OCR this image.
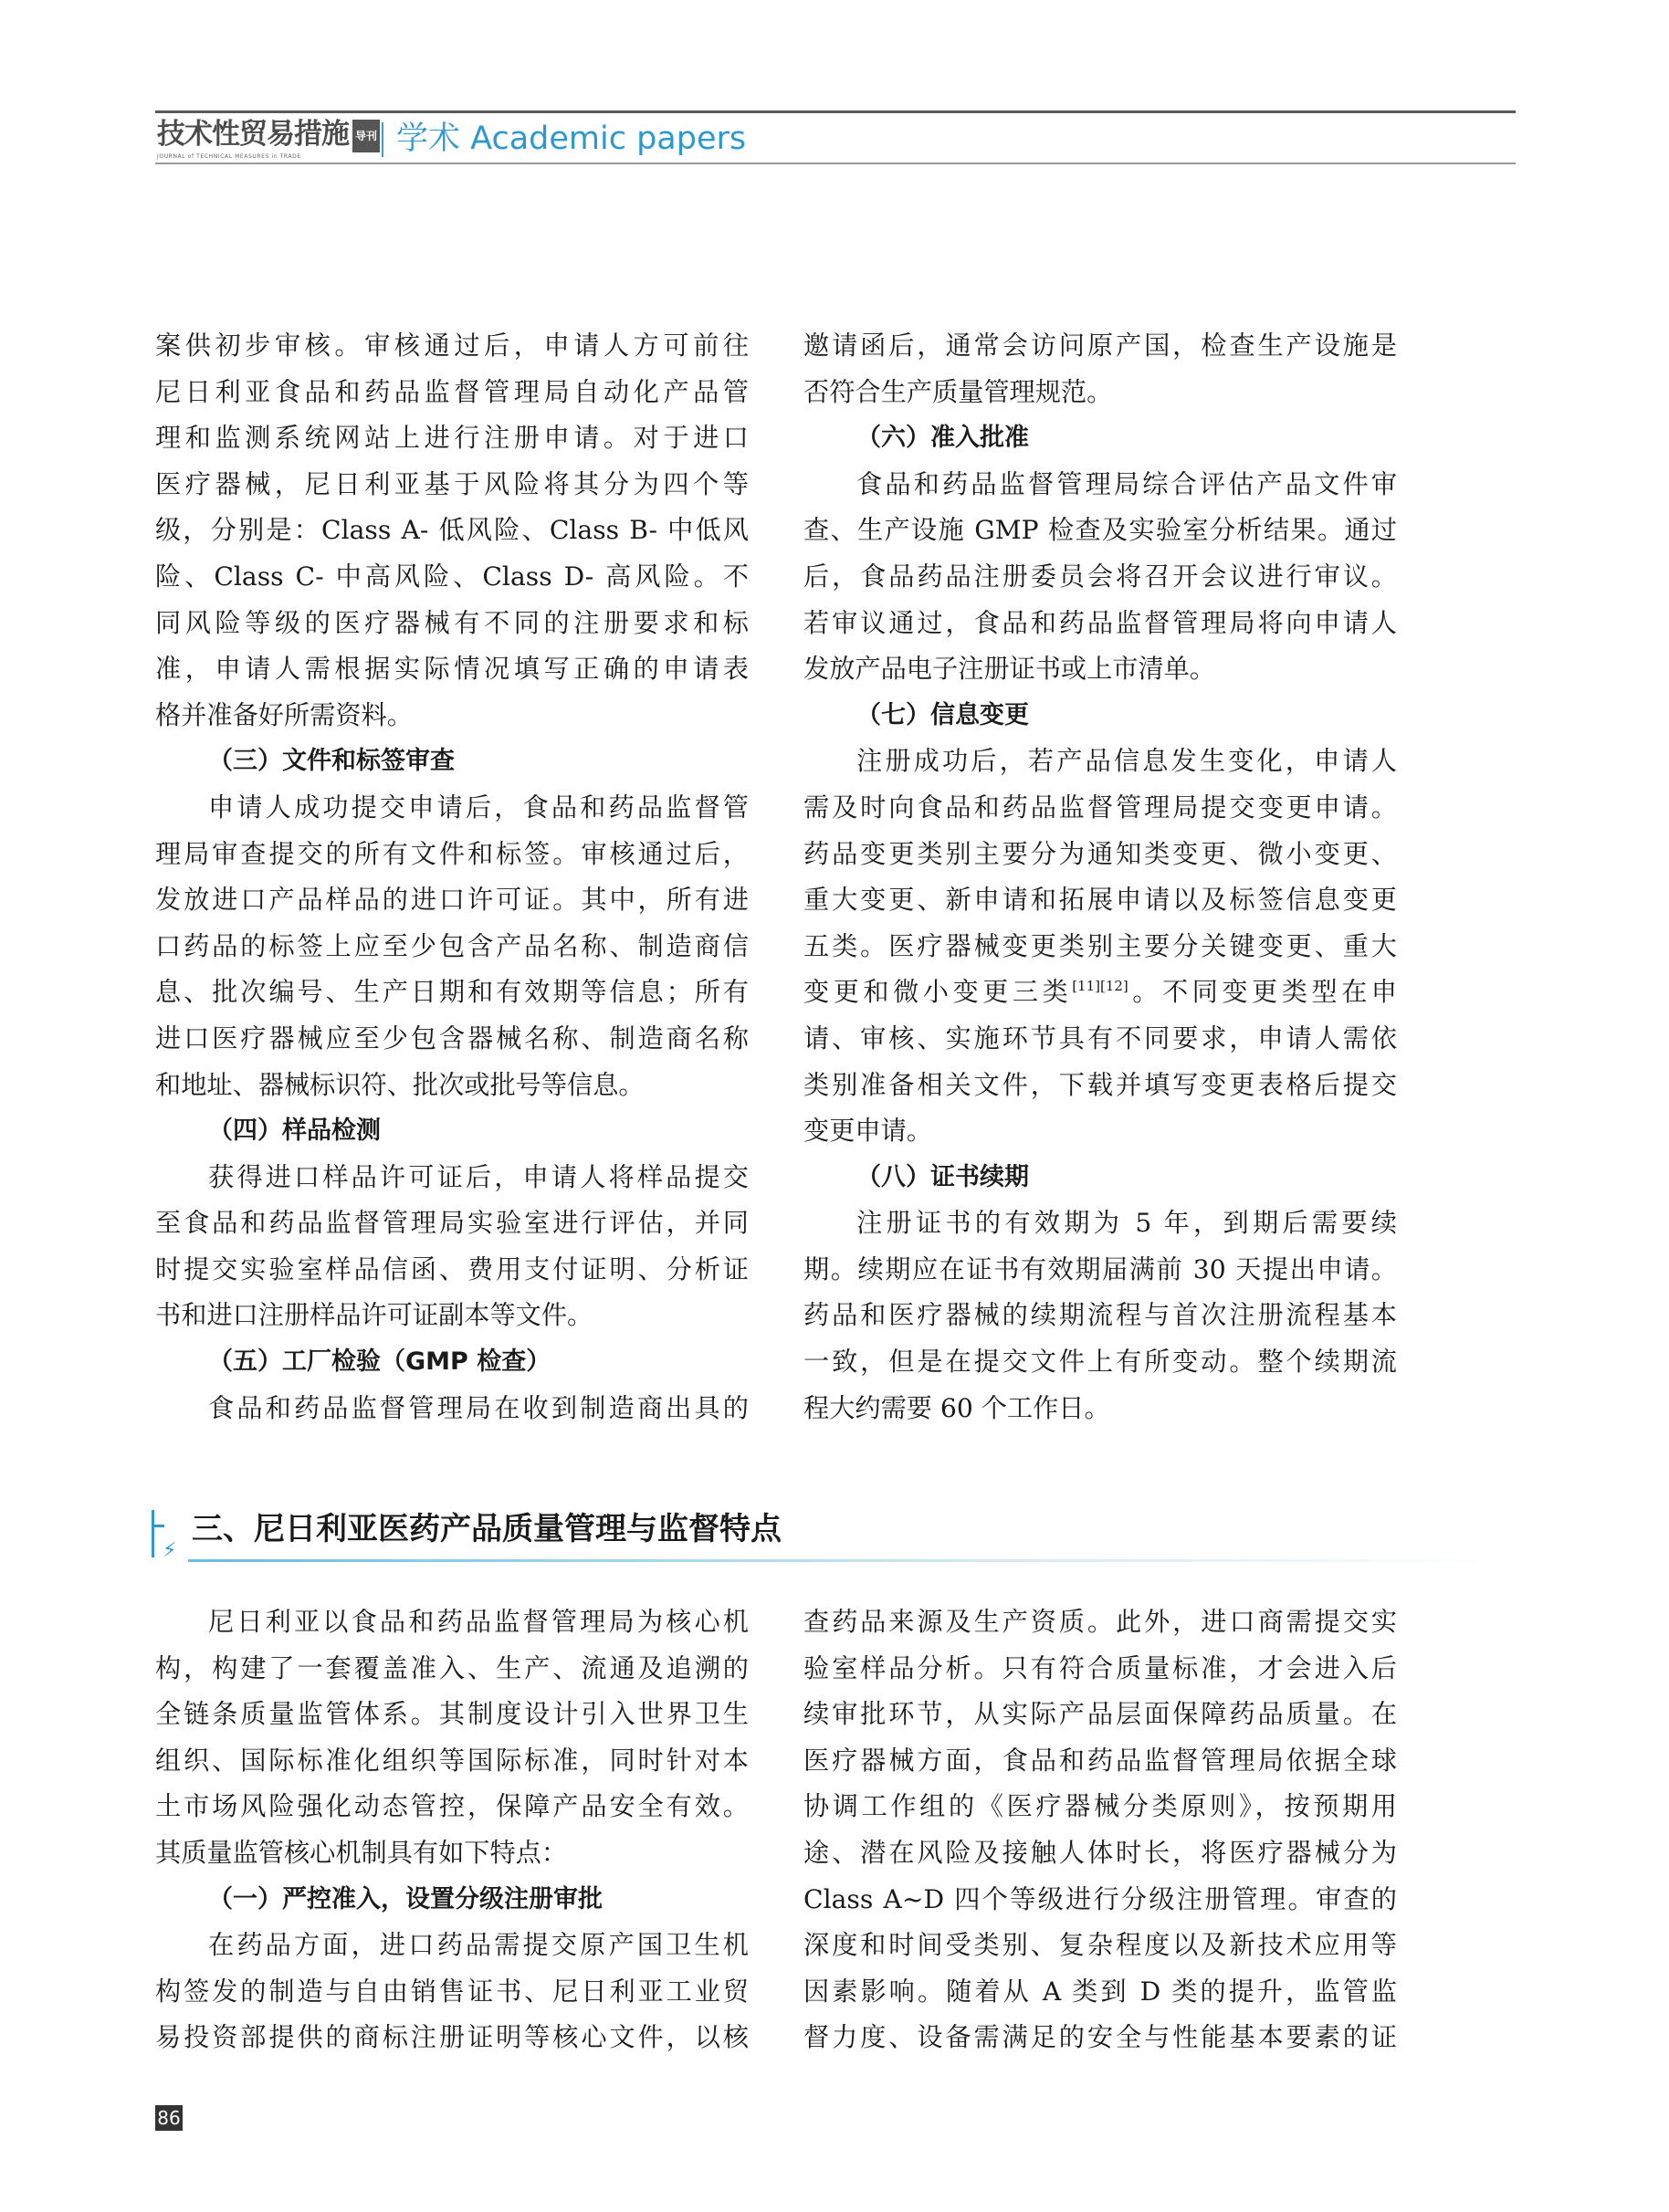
技术性贸易措施 导刊
JOURNAL of TECHNICAL MEASURES in TRADE	学术 Academic papers

案供初步审核。审核通过后，申请人方可前往

尼日利亚食品和药品监督管理局自动化产品管

理和监测系统网站上进行注册申请。对于进口

医疗器械，尼日利亚基于风险将其分为四个等

级，分别是：Class A- 低风险、Class B- 中低风

险、Class C- 中高风险、Class D- 高风险。不

同风险等级的医疗器械有不同的注册要求和标

准，申请人需根据实际情况填写正确的申请表

格并准备好所需资料。

（三）文件和标签审查

申请人成功提交申请后，食品和药品监督管

理局审查提交的所有文件和标签。审核通过后，

发放进口产品样品的进口许可证。其中，所有进

口药品的标签上应至少包含产品名称、制造商信

息、批次编号、生产日期和有效期等信息；所有

进口医疗器械应至少包含器械名称、制造商名称

和地址、器械标识符、批次或批号等信息。

（四）样品检测

获得进口样品许可证后，申请人将样品提交

至食品和药品监督管理局实验室进行评估，并同

时提交实验室样品信函、费用支付证明、分析证

书和进口注册样品许可证副本等文件。

（五）工厂检验（GMP 检查）

食品和药品监督管理局在收到制造商出具的

邀请函后，通常会访问原产国，检查生产设施是

否符合生产质量管理规范。

（六）准入批准

食品和药品监督管理局综合评估产品文件审

查、生产设施 GMP 检查及实验室分析结果。通过

后，食品药品注册委员会将召开会议进行审议。

若审议通过，食品和药品监督管理局将向申请人

发放产品电子注册证书或上市清单。

（七）信息变更

注册成功后，若产品信息发生变化，申请人

需及时向食品和药品监督管理局提交变更申请。

药品变更类别主要分为通知类变更、微小变更、

重大变更、新申请和拓展申请以及标签信息变更

五类。医疗器械变更类别主要分关键变更、重大

变更和微小变更三类[11][12]。不同变更类型在申

请、审核、实施环节具有不同要求，申请人需依

类别准备相关文件，下载并填写变更表格后提交

变更申请。

（八）证书续期

注册证书的有效期为 5 年，到期后需要续

期。续期应在证书有效期届满前 30 天提出申请。

药品和医疗器械的续期流程与首次注册流程基本

一致，但是在提交文件上有所变动。整个续期流

程大约需要 60 个工作日。

⚡
三、尼日利亚医药产品质量管理与监督特点

尼日利亚以食品和药品监督管理局为核心机

构，构建了一套覆盖准入、生产、流通及追溯的

全链条质量监管体系。其制度设计引入世界卫生

组织、国际标准化组织等国际标准，同时针对本

土市场风险强化动态管控，保障产品安全有效。

其质量监管核心机制具有如下特点：

（一）严控准入，设置分级注册审批

在药品方面，进口药品需提交原产国卫生机

构签发的制造与自由销售证书、尼日利亚工业贸

易投资部提供的商标注册证明等核心文件，以核

查药品来源及生产资质。此外，进口商需提交实

验室样品分析。只有符合质量标准，才会进入后

续审批环节，从实际产品层面保障药品质量。在

医疗器械方面，食品和药品监督管理局依据全球

协调工作组的《医疗器械分类原则》，按预期用

途、潜在风险及接触人体时长，将医疗器械分为

Class A~D 四个等级进行分级注册管理。审查的

深度和时间受类别、复杂程度以及新技术应用等

因素影响。随着从 A 类到 D 类的提升，监管监

督力度、设备需满足的安全与性能基本要素的证

86
